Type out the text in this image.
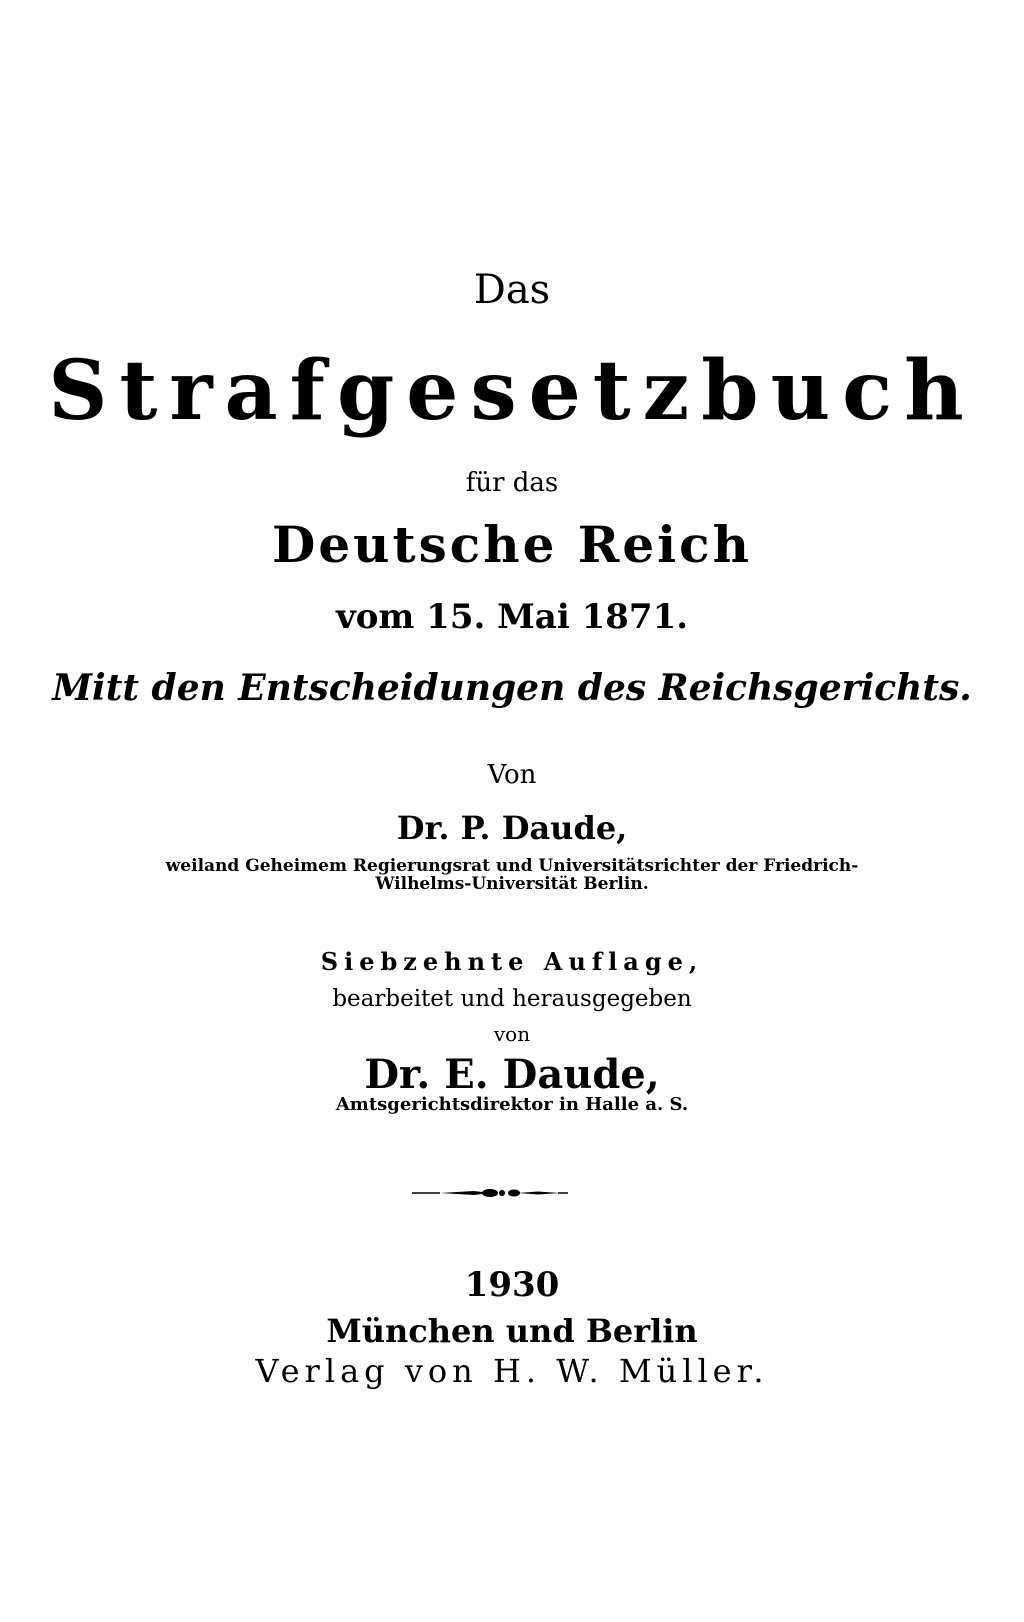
Das
Strafgesetzbuch
für das
Deutsche Reich
vom 15. Mai 1871.
Mitt den Entscheidungen des Reichsgerichts.
Von
Dr. P. Daude,
weiland Geheimem Regierungsrat und Universitätsrichter der Friedrich-
Wilhelms-Universität Berlin.
Siebzehnte Auflage,
bearbeitet und herausgegeben
von
Dr. E. Daude,
Amtsgerichtsdirektor in Halle a. S.
1930
München und Berlin
Verlag von H. W. Müller.
